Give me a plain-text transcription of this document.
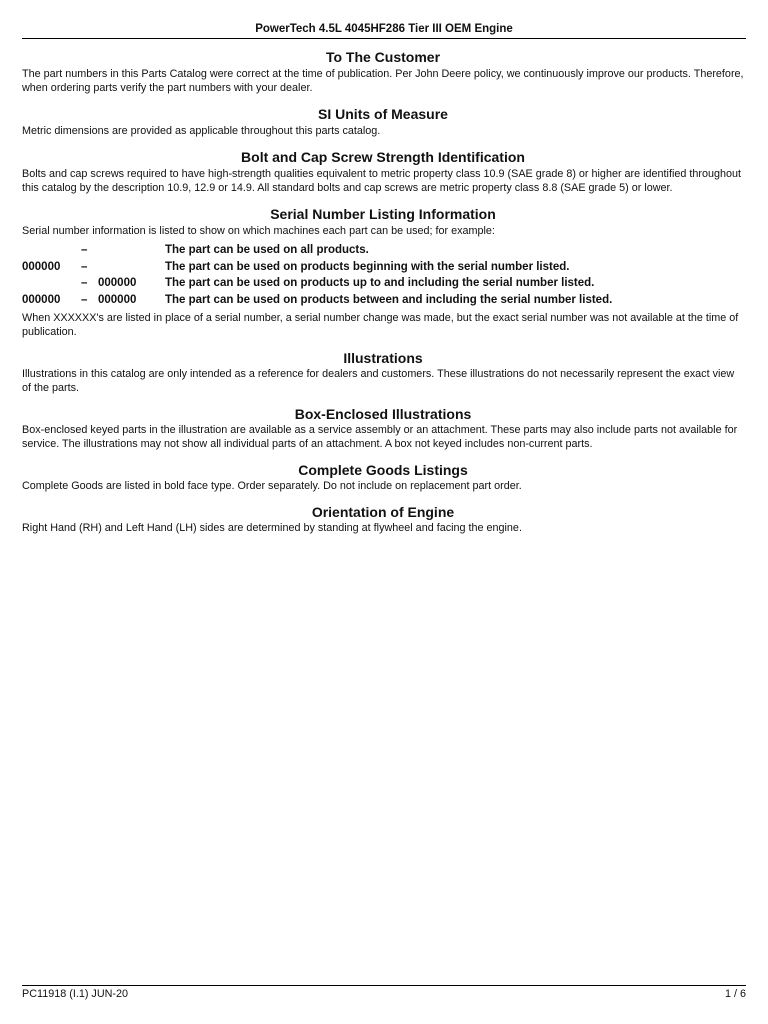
PowerTech 4.5L 4045HF286 Tier III OEM Engine
To The Customer

The part numbers in this Parts Catalog were correct at the time of publication. Per John Deere policy, we continuously improve our products. Therefore, when ordering parts verify the part numbers with your dealer.

SI Units of Measure

Metric dimensions are provided as applicable throughout this parts catalog.

Bolt and Cap Screw Strength Identification

Bolts and cap screws required to have high-strength qualities equivalent to metric property class 10.9 (SAE grade 8) or higher are identified throughout this catalog by the description 10.9, 12.9 or 14.9. All standard bolts and cap screws are metric property class 8.8 (SAE grade 5) or lower.

Serial Number Listing Information

Serial number information is listed to show on which machines each part can be used; for example:

–	The part can be used on all products.
000000 –	The part can be used on products beginning with the serial number listed.
– 000000 The part can be used on products up to and including the serial number listed.
000000 – 000000 The part can be used on products between and including the serial number listed.

When XXXXXX's are listed in place of a serial number, a serial number change was made, but the exact serial number was not available at the time of publication.

Illustrations

Illustrations in this catalog are only intended as a reference for dealers and customers. These illustrations do not necessarily represent the exact view of the parts.

Box-Enclosed Illustrations

Box-enclosed keyed parts in the illustration are available as a service assembly or an attachment. These parts may also include parts not available for service. The illustrations may not show all individual parts of an attachment. A box not keyed includes non-current parts.

Complete Goods Listings

Complete Goods are listed in bold face type. Order separately. Do not include on replacement part order.

Orientation of Engine

Right Hand (RH) and Left Hand (LH) sides are determined by standing at flywheel and facing the engine.

PC11918 (I.1) JUN-20	1 / 6
